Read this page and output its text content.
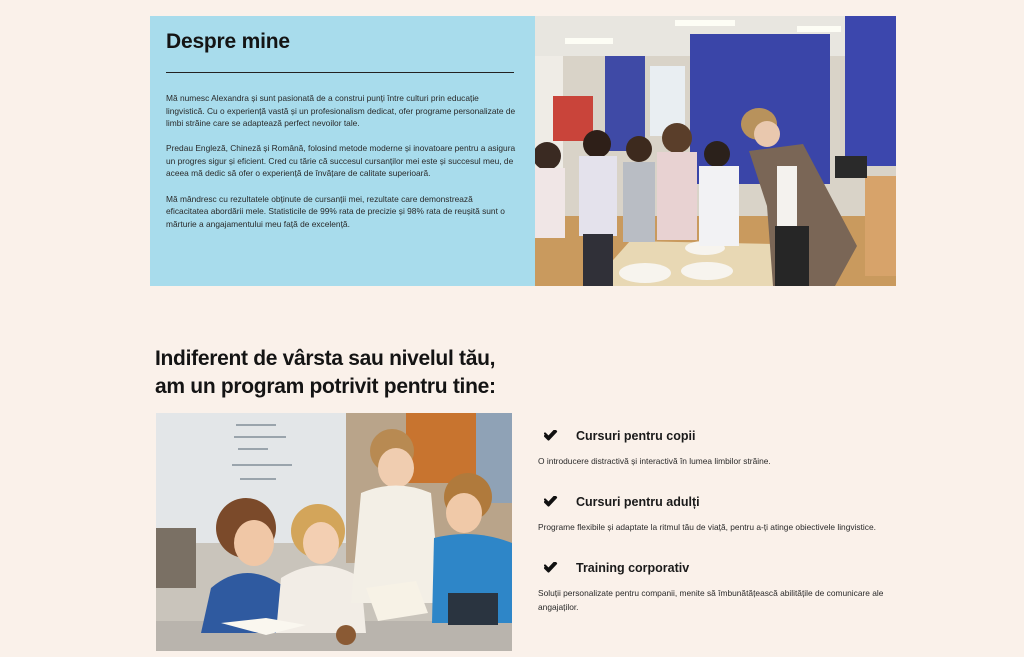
Despre mine

Mă numesc Alexandra și sunt pasionată de a construi punți între culturi prin educație lingvistică. Cu o experiență vastă și un profesionalism dedicat, ofer programe personalizate de limbi străine care se adaptează perfect nevoilor tale.

Predau Engleză, Chineză și Română, folosind metode moderne și inovatoare pentru a asigura un progres sigur și eficient. Cred cu tărie că succesul cursanților mei este și succesul meu, de aceea mă dedic să ofer o experiență de învățare de calitate superioară.

Mă mândresc cu rezultatele obținute de cursanții mei, rezultate care demonstrează eficacitatea abordării mele. Statisticile de 99% rata de precizie și 98% rata de reușită sunt o mărturie a angajamentului meu față de excelență.

Indiferent de vârsta sau nivelul tău,
am un program potrivit pentru tine:
Cursuri pentru copii
O introducere distractivă și interactivă în lumea limbilor străine.
Cursuri pentru adulți
Programe flexibile și adaptate la ritmul tău de viață, pentru a-ți atinge obiectivele lingvistice.
Training corporativ
Soluții personalizate pentru companii, menite să îmbunătățească abilitățile de comunicare ale angajaților.
